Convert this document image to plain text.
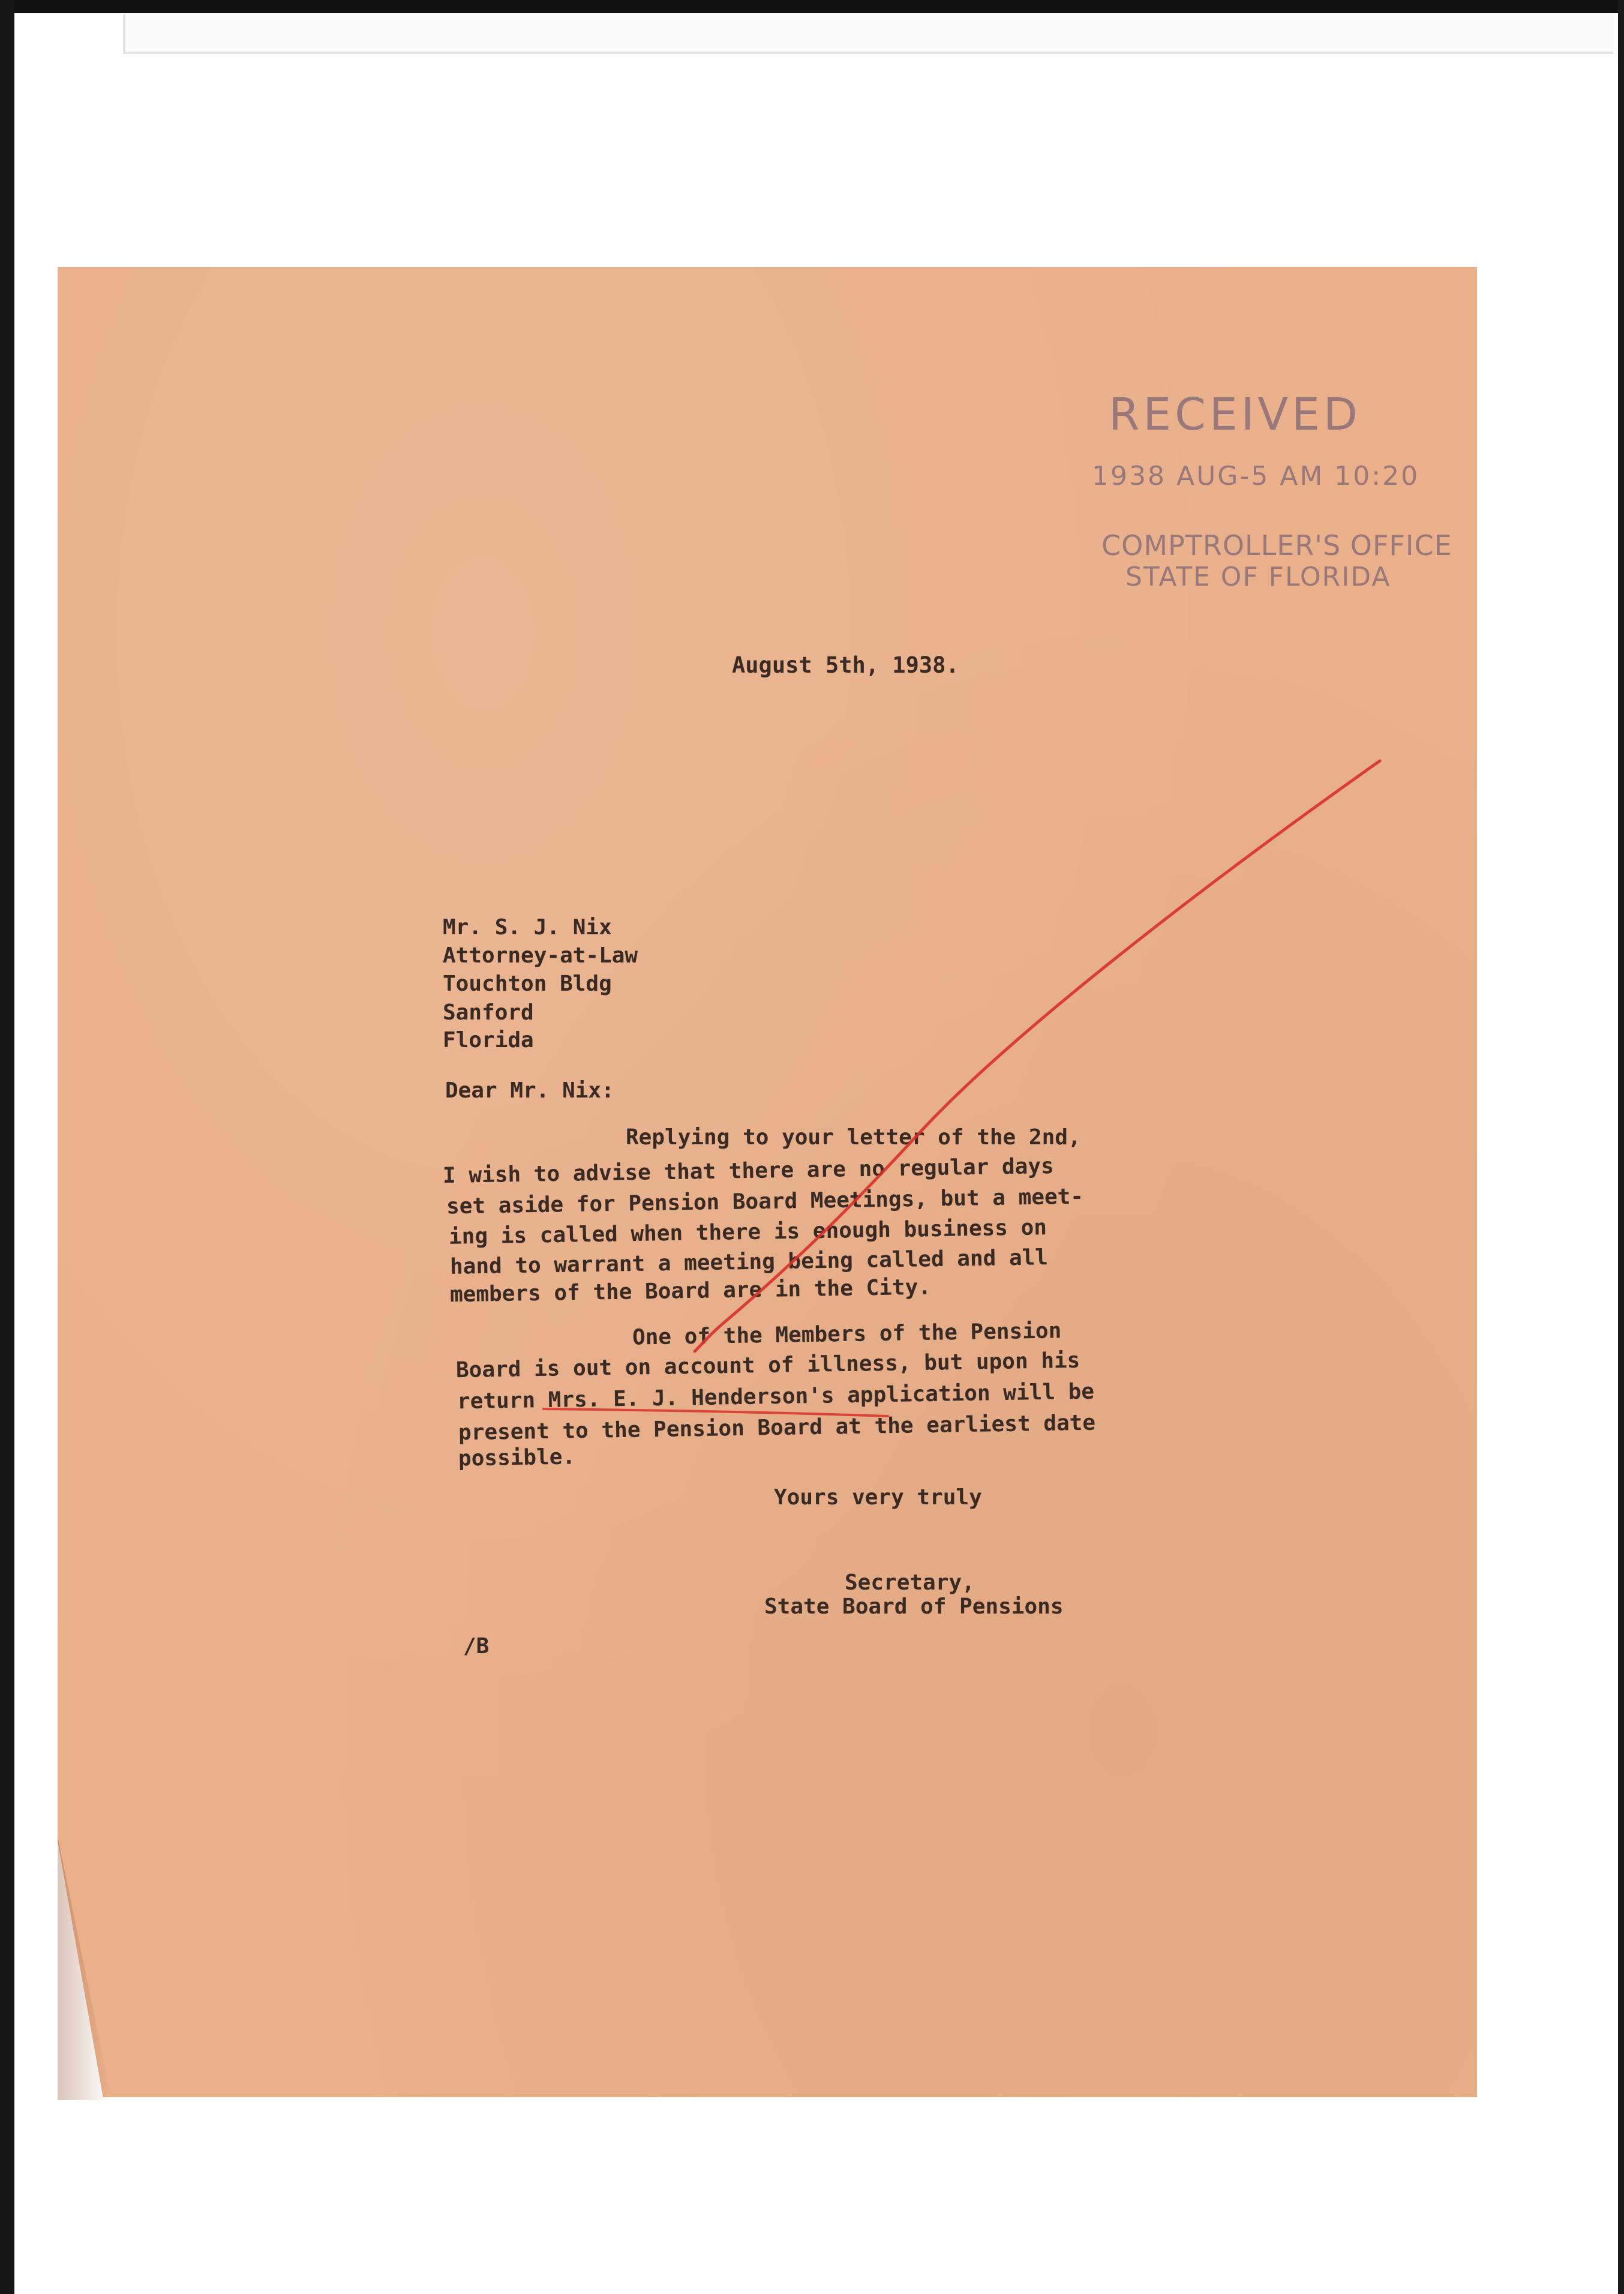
RECEIVED
1938 AUG-5 AM 10:20
COMPTROLLER'S OFFICE
STATE OF FLORIDA
August 5th, 1938.
Mr. S. J. Nix
Attorney-at-Law
Touchton Bldg
Sanford
Florida
Dear Mr. Nix:
Replying to your letter of the 2nd,
I wish to advise that there are no regular days
set aside for Pension Board Meetings, but a meet-
ing is called when there is enough business on
hand to warrant a meeting being called and all
members of the Board are in the City.
One of the Members of the Pension
Board is out on account of illness, but upon his
return Mrs. E. J. Henderson's application will be
present to the Pension Board at the earliest date
possible.
Yours very truly
Secretary,
State Board of Pensions
/B
